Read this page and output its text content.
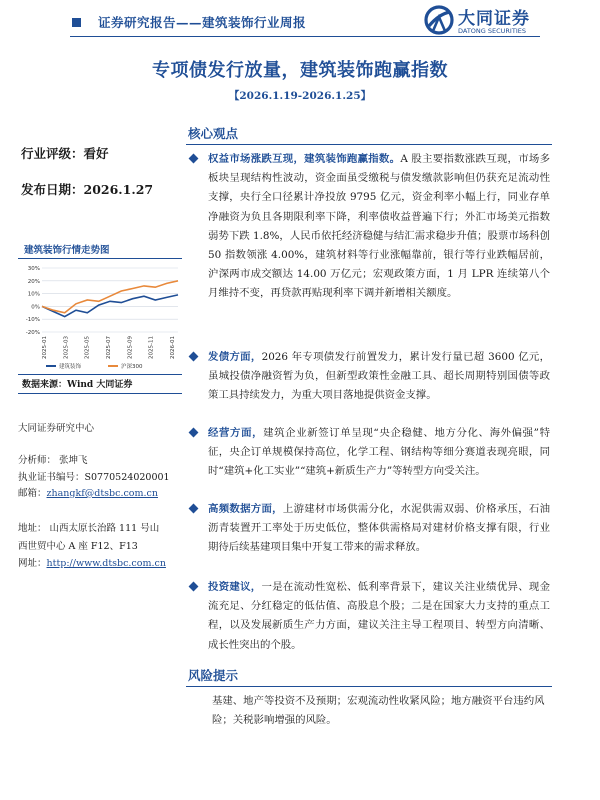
证券研究报告——建筑装饰行业周报	大同证券
DATONG SECURITIES
专项债发行放量，建筑装饰跑赢指数
【2026.1.19-2026.1.25】
行业评级：看好
发布日期：2026.1.27
建筑装饰行情走势图
30%
20%
10%
0%
-10%
-20%
2025-01	2025-03	2025-05	2025-07	2025-09	2025-11	2026-01
建筑装饰	沪深300
数据来源：Wind 大同证券
大同证券研究中心
分析师： 张坤飞
执业证书编号：S0770524020001
邮箱：zhangkf@dtsbc.com.cn
地址： 山西太原长治路 111 号山
西世贸中心 A 座 F12、F13
网址：http://www.dtsbc.com.cn
核心观点
权益市场涨跌互现，建筑装饰跑赢指数。A 股主要指数涨跌互现，市场多板块呈现结构性波动，资金面虽受缴税与债发缴款影响但仍获充足流动性支撑，央行全口径累计净投放 9795 亿元，资金利率小幅上行，同业存单净融资为负且各期限利率下降，利率债收益普遍下行；外汇市场美元指数弱势下跌 1.8%，人民币依托经济稳健与结汇需求稳步升值；股票市场科创 50 指数领涨 4.00%，建筑材料等行业涨幅靠前，银行等行业跌幅居前，沪深两市成交额达 14.00 万亿元；宏观政策方面，1 月 LPR 连续第八个月维持不变，再贷款再贴现利率下调并新增相关额度。
发债方面，2026 年专项债发行前置发力，累计发行量已超 3600 亿元，虽城投债净融资暂为负，但新型政策性金融工具、超长周期特别国债等政策工具持续发力，为重大项目落地提供资金支撑。
经营方面，建筑企业新签订单呈现“央企稳健、地方分化、海外偏强”特征，央企订单规模保持高位，化学工程、钢结构等细分赛道表现亮眼，同时“建筑+化工实业”“建筑+新质生产力”等转型方向受关注。
高频数据方面，上游建材市场供需分化，水泥供需双弱、价格承压，石油沥青装置开工率处于历史低位，整体供需格局对建材价格支撑有限，行业期待后续基建项目集中开复工带来的需求释放。
投资建议，一是在流动性宽松、低利率背景下，建议关注业绩优异、现金流充足、分红稳定的低估值、高股息个股；二是在国家大力支持的重点工程，以及发展新质生产力方面，建议关注主导工程项目、转型方向清晰、成长性突出的个股。
风险提示
基建、地产等投资不及预期；宏观流动性收紧风险；地方融资平台违约风险；关税影响增强的风险。
